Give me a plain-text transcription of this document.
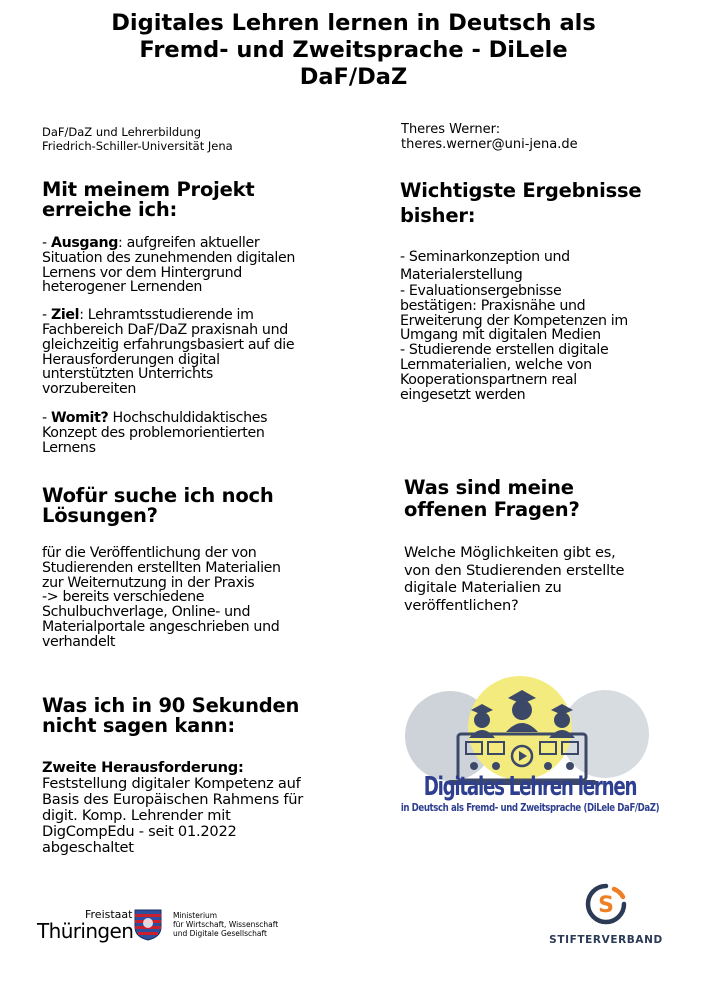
Digitales Lehren lernen in Deutsch als
Fremd- und Zweitsprache - DiLele
DaF/DaZ
DaF/DaZ und Lehrerbildung
Friedrich-Schiller-Universität Jena
Theres Werner:
theres.werner@uni-jena.de
Mit meinem Projekt
erreiche ich:

- Ausgang: aufgreifen aktueller
Situation des zunehmenden digitalen
Lernens vor dem Hintergrund
heterogener Lernenden

- Ziel: Lehramtsstudierende im
Fachbereich DaF/DaZ praxisnah und
gleichzeitig erfahrungsbasiert auf die
Herausforderungen digital
unterstützten Unterrichts
vorzubereiten

- Womit? Hochschuldidaktisches
Konzept des problemorientierten
Lernens

Wichtigste Ergebnisse
bisher:
- Seminarkonzeption und
Materialerstellung
- Evaluationsergebnisse
bestätigen: Praxisnähe und
Erweiterung der Kompetenzen im
Umgang mit digitalen Medien
- Studierende erstellen digitale
Lernmaterialien, welche von
Kooperationspartnern real
eingesetzt werden
Wofür suche ich noch
Lösungen?
für die Veröffentlichung der von
Studierenden erstellten Materialien
zur Weiternutzung in der Praxis
-> bereits verschiedene
Schulbuchverlage, Online- und
Materialportale angeschrieben und
verhandelt
Was sind meine
offenen Fragen?
Welche Möglichkeiten gibt es,
von den Studierenden erstellte
digitale Materialien zu
veröffentlichen?
Was ich in 90 Sekunden
nicht sagen kann:
Zweite Herausforderung:
Feststellung digitaler Kompetenz auf
Basis des Europäischen Rahmens für
digit. Komp. Lehrender mit
DigCompEdu - seit 01.2022
abgeschaltet
Digitales Lehren lernen
in Deutsch als Fremd- und Zweitsprache (DiLele DaF/DaZ)
Freistaat
Thüringen
Ministerium
für Wirtschaft, Wissenschaft
und Digitale Gesellschaft
S
STIFTERVERBAND
